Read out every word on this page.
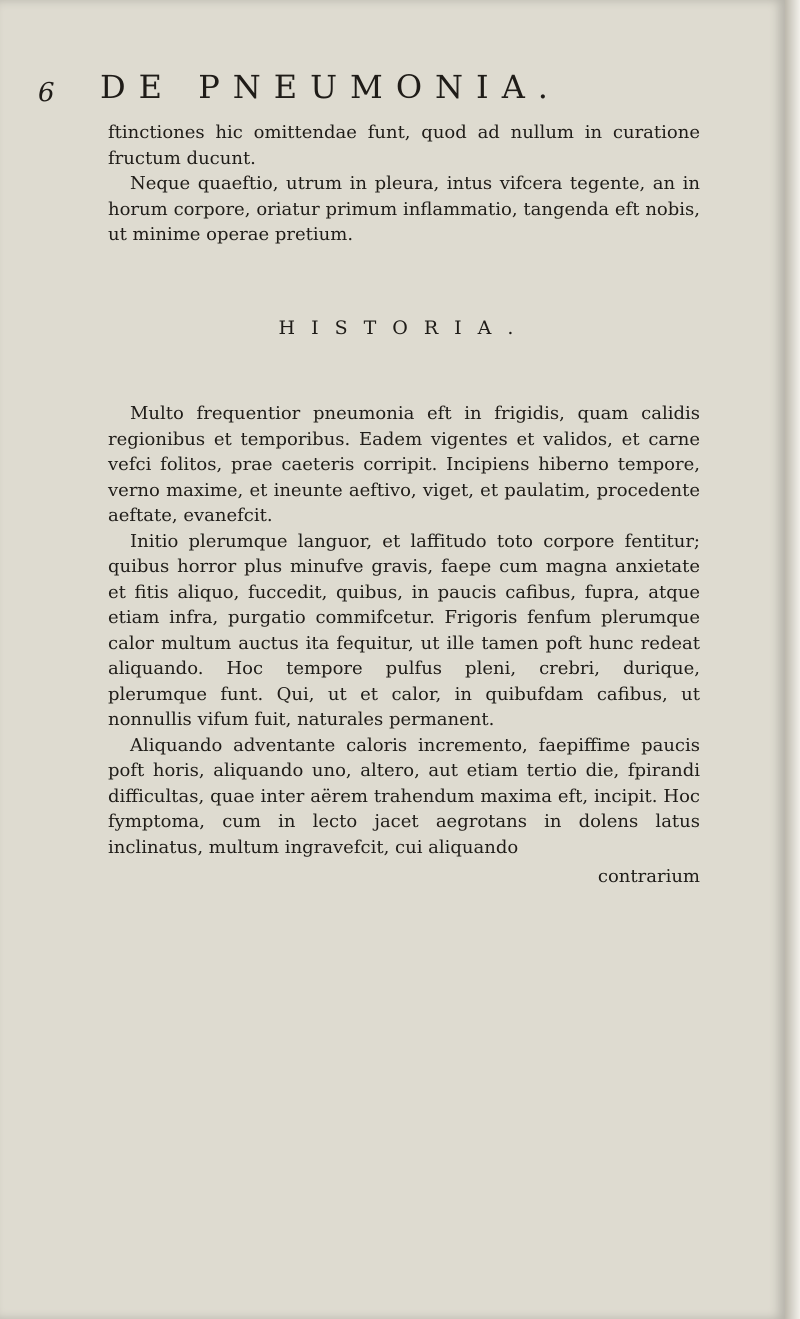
6 DE PNEUMONIA.

ftinctiones hic omittendae funt, quod ad nullum in curatione fructum ducunt.

Neque quaeftio, utrum in pleura, intus vifcera tegente, an in horum corpore, oriatur primum inflammatio, tangenda eft nobis, ut minime operae pretium.

HISTORIA.

Multo frequentior pneumonia eft in frigidis, quam calidis regionibus et temporibus. Eadem vigentes et validos, et carne vefci folitos, prae caeteris corripit. Incipiens hiberno tempore, verno maxime, et ineunte aeftivo, viget, et paulatim, procedente aeftate, evanefcit.

Initio plerumque languor, et laffitudo toto corpore fentitur; quibus horror plus minufve gravis, faepe cum magna anxietate et fitis aliquo, fuccedit, quibus, in paucis cafibus, fupra, atque etiam infra, purgatio commifcetur. Frigoris fenfum plerumque calor multum auctus ita fequitur, ut ille tamen poft hunc redeat aliquando. Hoc tempore pulfus pleni, crebri, durique, plerumque funt. Qui, ut et calor, in quibufdam cafibus, ut nonnullis vifum fuit, naturales permanent.

Aliquando adventante caloris incremento, faepiffime paucis poft horis, aliquando uno, altero, aut etiam tertio die, fpirandi difficultas, quae inter aërem trahendum maxima eft, incipit. Hoc fymptoma, cum in lecto jacet aegrotans in dolens latus inclinatus, multum ingravefcit, cui aliquando

contrarium
